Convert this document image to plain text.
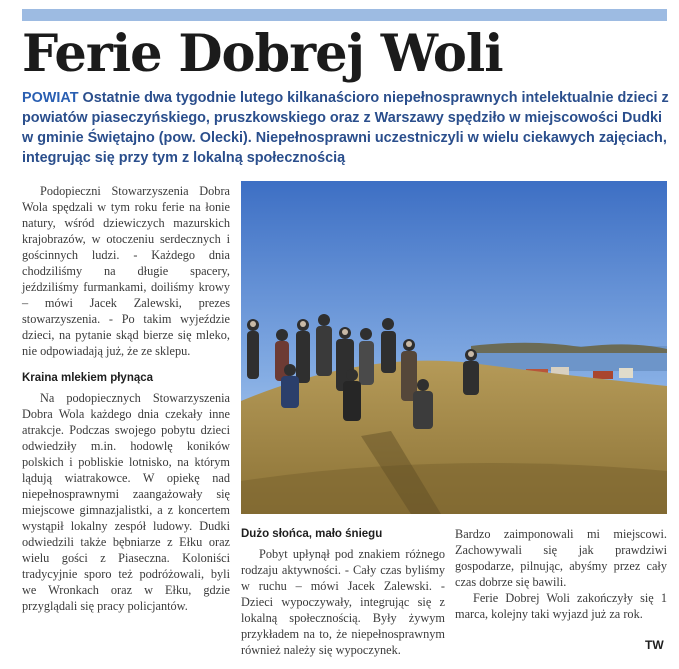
Ferie Dobrej Woli
POWIAT Ostatnie dwa tygodnie lutego kilkanaścioro niepełnosprawnych intelektualnie dzieci z powiatów piaseczyńskiego, pruszkowskiego oraz z Warszawy spędziło w miejscowości Dudki w gminie Świętajno (pow. Olecki). Niepełnosprawni uczestniczyli w wielu ciekawych zajęciach, integrując się przy tym z lokalną społecznością

Podopieczni Stowarzyszenia Dobra Wola spędzali w tym roku ferie na łonie natury, wśród dziewiczych mazurskich krajobrazów, w otoczeniu serdecznych i gościnnych ludzi. - Każdego dnia chodziliśmy na długie spacery, jeździliśmy furmankami, doiliśmy krowy – mówi Jacek Zalewski, prezes stowarzyszenia. - Po takim wyjeździe dzieci, na pytanie skąd bierze się mleko, nie odpowiadają już, że ze sklepu.

Kraina mlekiem płynąca

Na podopiecznych Stowarzyszenia Dobra Wola każdego dnia czekały inne atrakcje. Podczas swojego pobytu dzieci odwiedziły m.in. hodowlę koników polskich i pobliskie lotnisko, na którym lądują wiatrakowce. W opiekę nad niepełnosprawnymi zaangażowały się miejscowe gimnazjalistki, a z koncertem wystąpił lokalny zespół ludowy. Dudki odwiedzili także bębniarze z Ełku oraz wielu gości z Piaseczna. Koloniści tradycyjnie sporo też podróżowali, byli we Wronkach oraz w Ełku, gdzie przyglądali się pracy policjantów.

Dużo słońca, mało śniegu

Pobyt upłynął pod znakiem różnego rodzaju aktywności. - Cały czas byliśmy w ruchu – mówi Jacek Zalewski. - Dzieci wypoczywały, integrując się z lokalną społecznością. Były żywym przykładem na to, że niepełnosprawnym również należy się wypoczynek.

Bardzo zaimponowali mi miejscowi. Zachowywali się jak prawdziwi gospodarze, pilnując, abyśmy przez cały czas dobrze się bawili.

Ferie Dobrej Woli zakończyły się 1 marca, kolejny taki wyjazd już za rok.

TW
